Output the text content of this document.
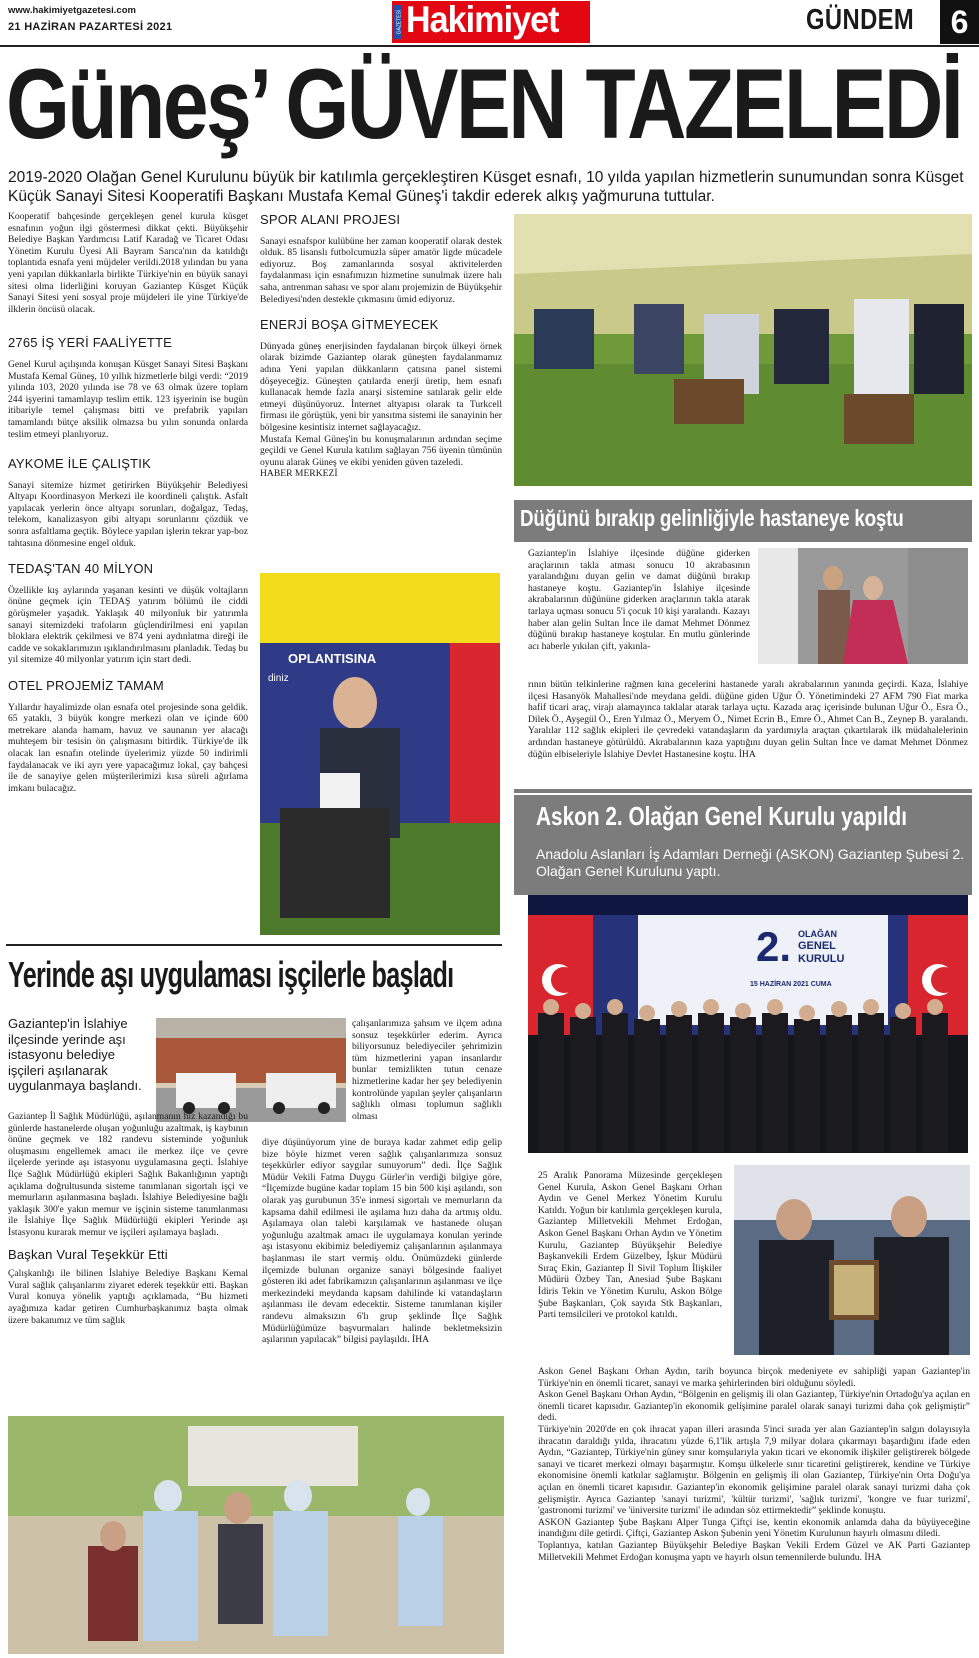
www.hakimiyetgazetesi.com
21 HAZİRAN PAZARTESİ 2021	GAZETESİ Hakimiyet	GÜNDEM	6
Güneş’ GÜVEN TAZELEDİ
2019-2020 Olağan Genel Kurulunu büyük bir katılımla gerçekleştiren Küsget esnafı, 10 yılda yapılan hizmetlerin sunumundan sonra Küsget Küçük Sanayi Sitesi Kooperatifi Başkanı Mustafa Kemal Güneş'i takdir ederek alkış yağmuruna tuttular.

Kooperatif bahçesinde gerçekleşen genel kurula küsget esnafının yoğun ilgi göstermesi dikkat çekti. Büyükşehir Belediye Başkan Yardımcısı Latif Karadağ ve Ticaret Odası Yönetim Kurulu Üyesi Ali Bayram Sarıca'nın da katıldığı toplantıda esnafa yeni müjdeler verildi.2018 yılından bu yana yeni yapılan dükkanlarla birlikte Türkiye'nin en büyük sanayi sitesi olma liderliğini koruyan Gaziantep Küsget Küçük Sanayi Sitesi yeni sosyal proje müjdeleri ile yine Türkiye'de ilklerin öncüsü olacak.

2765 İŞ YERİ FAALİYETTE

Genel Kurul açılışında konuşan Küsget Sanayi Sitesi Başkanı Mustafa Kemal Güneş, 10 yıllık hizmetlerle bilgi verdi: “2019 yılında 103, 2020 yılında ise 78 ve 63 olmak üzere toplam 244 işyerini tamamlayıp teslim ettik. 123 işyerinin ise bugün itibariyle temel çalışması bitti ve prefabrik yapıları tamamlandı bütçe aksilik olmazsa bu yılın sonunda onlarda teslim etmeyi planlıyoruz.

AYKOME İLE ÇALIŞTIK

Sanayi sitemize hizmet getirirken Büyükşehir Belediyesi Altyapı Koordinasyon Merkezi ile koordineli çalıştık. Asfalt yapılacak yerlerin önce altyapı sorunları, doğalgaz, Tedaş, telekom, kanalizasyon gibi altyapı sorunlarını çözdük ve sonra asfaltlama geçtik. Böylece yapılan işlerin tekrar yap-boz tahtasına dönmesine engel olduk.

TEDAŞ'TAN 40 MİLYON

Özellikle kış aylarında yaşanan kesinti ve düşük voltajların önüne geçmek için TEDAŞ yatırım bölümü ile ciddi görüşmeler yaşadık. Yaklaşık 40 milyonluk bir yatırımla sanayi sitemizdeki trafoların güçlendirilmesi eni yapılan bloklara elektrik çekilmesi ve 874 yeni aydınlatma direği ile cadde ve sokaklarımızın ışıklandırılmasını planladık. Tedaş bu yıl sitemize 40 milyonlar yatırım için start dedi.

OTEL PROJEMİZ TAMAM

Yıllardır hayalimizde olan esnafa otel projesinde sona geldik. 65 yataklı, 3 büyük kongre merkezi olan ve içinde 600 metrekare alanda hamam, havuz ve saunanın yer alacağı muhteşem bir tesisin ön çalışmasını bitirdik. Türkiye'de ilk olacak lan esnafın otelinde üyelerimiz yüzde 50 indirimli faydalanacak ve iki ayrı yere yapacağımız lokal, çay bahçesi ile de sanayiye gelen müşterilerimizi kısa süreli ağırlama imkanı bulacağız.

SPOR ALANI PROJESİ

Sanayi esnafspor kulübüne her zaman kooperatif olarak destek olduk. 85 lisanslı futbolcumuzla süper amatör ligde mücadele ediyoruz. Boş zamanlarında sosyal aktivitelerden faydalanması için esnafımızın hizmetine sunulmak üzere halı saha, antrenman sahası ve spor alanı projemizin de Büyükşehir Belediyesi'nden destekle çıkmasını ümid ediyoruz.

ENERJİ BOŞA GİTMEYECEK

Dünyada güneş enerjisinden faydalanan birçok ülkeyi örnek olarak bizimde Gaziantep olarak güneşten faydalanmamız adına Yeni yapılan dükkanların çatısına panel sistemi döşeyeceğiz. Güneşten çatılarda enerji üretip, hem esnafı kullanacak hemde fazla anarşi sistemine satılarak gelir elde etmeyi düşünüyoruz. İnternet altyapısı olarak ta Turkcell firması ile görüştük, yeni bir yansıtma sistemi ile sanayinin her bölgesine kesintisiz internet sağlayacağız.

Mustafa Kemal Güneş'in bu konuşmalarının ardından seçime geçildi ve Genel Kurula katılım sağlayan 756 üyenin tümünün oyunu alarak Güneş ve ekibi yeniden güven tazeledi.

HABER MERKEZİ

OPLANTISINA
diniz
Düğünü bırakıp gelinliğiyle hastaneye koştu
Gaziantep'in İslahiye ilçesinde düğüne giderken araçlarının takla atması sonucu 10 akrabasının yaralandığını duyan gelin ve damat düğünü bırakıp hastaneye koştu. Gaziantep'in İslahiye ilçesinde akrabalarının düğününe giderken araçlarının takla atarak tarlaya uçması sonucu 5'i çocuk 10 kişi yaralandı. Kazayı haber alan gelin Sultan İnce ile damat Mehmet Dönmez düğünü bırakıp hastaneye koştular. En mutlu günlerinde acı haberle yıkılan çift, yakınla-
rının bütün telkinlerine rağmen kına gecelerini hastanede yaralı akrabalarının yanında geçirdi. Kaza, İslahiye ilçesi Hasanyök Mahallesi'nde meydana geldi. düğüne giden Uğur Ö. Yönetimindeki 27 AFM 790 Fiat marka hafif ticari araç, virajı alamayınca taklalar atarak tarlaya uçtu. Kazada araç içerisinde bulunan Uğur Ö., Esra Ö., Dilek Ö., Ayşegül Ö., Eren Yılmaz Ö., Meryem Ö., Nimet Ecrin B., Emre Ö., Ahmet Can B., Zeynep B. yaralandı. Yaralılar 112 sağlık ekipleri ile çevredeki vatandaşların da yardımıyla araçtan çıkartılarak ilk müdahalelerinin ardından hastaneye götürüldü. Akrabalarının kaza yaptığını duyan gelin Sultan İnce ve damat Mehmet Dönmez düğün elbiseleriyle İslahiye Devlet Hastanesine koştu. İHA
Askon 2. Olağan Genel Kurulu yapıldı
Anadolu Aslanları İş Adamları Derneği (ASKON) Gaziantep Şubesi 2. Olağan Genel Kurulunu yaptı.
2. OLAĞAN
GENEL
KURULU
15 HAZİRAN 2021 CUMA
25 Aralık Panorama Müzesinde gerçekleşen Genel Kurula, Askon Genel Başkanı Orhan Aydın ve Genel Merkez Yönetim Kurulu Katıldı. Yoğun bir katılımla gerçekleşen kurula, Gaziantep Milletvekili Mehmet Erdoğan, Askon Genel Başkanı Orhan Aydın ve Yönetim Kurulu, Gaziantep Büyükşehir Belediye Başkanvekili Erdem Güzelbey, İşkur Müdürü Sıraç Ekin, Gaziantep İl Sivil Toplum İlişkiler Müdürü Özbey Tan, Anesiad Şube Başkanı İdiris Tekin ve Yönetim Kurulu, Askon Bölge Şube Başkanları, Çok sayıda Stk Başkanları, Parti temsilcileri ve protokol katıldı.

Askon Genel Başkanı Orhan Aydın, tarih boyunca birçok medeniyete ev sahipliği yapan Gaziantep'in Türkiye'nin en önemli ticaret, sanayi ve marka şehirlerinden biri olduğunu söyledi.

Askon Genel Başkanı Orhan Aydın, “Bölgenin en gelişmiş ili olan Gaziantep, Türkiye'nin Ortadoğu'ya açılan en önemli ticaret kapısıdır. Gaziantep'in ekonomik gelişimine paralel olarak sanayi turizmi daha çok gelişmiştir” dedi.

Türkiye'nin 2020'de en çok ihracat yapan illeri arasında 5'inci sırada yer alan Gaziantep'in salgın dolayısıyla ihracatın daraldığı yılda, ihracatını yüzde 6,1'lik artışla 7,9 milyar dolara çıkarmayı başardığını ifade eden Aydın, “Gaziantep, Türkiye'nin güney sınır komşularıyla yakın ticari ve ekonomik ilişkiler geliştirerek bölgede sanayi ve ticaret merkezi olmayı başarmıştır. Komşu ülkelerle sınır ticaretini geliştirerek, kendine ve Türkiye ekonomisine önemli katkılar sağlamıştır. Bölgenin en gelişmiş ili olan Gaziantep, Türkiye'nin Orta Doğu'ya açılan en önemli ticaret kapısıdır. Gaziantep'in ekonomik gelişimine paralel olarak sanayi turizmi daha çok gelişmiştir. Ayrıca Gaziantep 'sanayi turizmi', 'kültür turizmi', 'sağlık turizmi', 'kongre ve fuar turizmi', 'gastronomi turizmi' ve 'üniversite turizmi' ile adından söz ettirmektedir” şeklinde konuştu.

ASKON Gaziantep Şube Başkanı Alper Tunga Çiftçi ise, kentin ekonomik anlamda daha da büyüyeceğine inandığını dile getirdi. Çiftçi, Gaziantep Askon Şubenin yeni Yönetim Kurulunun hayırlı olmasını diledi.

Toplantıya, katılan Gaziantep Büyükşehir Belediye Başkan Vekili Erdem Güzel ve AK Parti Gaziantep Milletvekili Mehmet Erdoğan konuşma yaptı ve hayırlı olsun temennilerde bulundu. İHA

Yerinde aşı uygulaması işçilerle başladı
Gaziantep'in İslahiye ilçesinde yerinde aşı istasyonu belediye işçileri aşılanarak uygulanmaya başlandı.

Gaziantep İl Sağlık Müdürlüğü, aşılanmanın hız kazandığı bu günlerde hastanelerde oluşan yoğunluğu azaltmak, iş kaybının önüne geçmek ve 182 randevu sisteminde yoğunluk oluşmasını engellemek amacı ile merkez ilçe ve çevre ilçelerde yerinde aşı istasyonu uygulamasına geçti. İslahiye İlçe Sağlık Müdürlüğü ekipleri Sağlık Bakanlığının yaptığı açıklama doğrultusunda sisteme tanımlanan sigortalı işçi ve memurların aşılanmasına başladı. İslahiye Belediyesine bağlı yaklaşık 300'e yakın memur ve işçinin sisteme tanımlanması ile İslahiye İlçe Sağlık Müdürlüğü ekipleri Yerinde aşı İstasyonu kurarak memur ve işçileri aşılamaya başladı.

Başkan Vural Teşekkür Etti

Çalışkanlığı ile bilinen İslahiye Belediye Başkanı Kemal Vural sağlık çalışanlarını ziyaret ederek teşekkür etti. Başkan Vural konuya yönelik yaptığı açıklamada, “Bu hizmeti ayağımıza kadar getiren Cumhurbaşkanımız başta olmak üzere bakanımız ve tüm sağlık

çalışanlarımıza şahsım ve ilçem adına sonsuz teşekkürler ederim. Ayrıca biliyorsunuz belediyeciler şehrimizin tüm hizmetlerini yapan insanlardır bunlar temizlikten tutun cenaze hizmetlerine kadar her şey belediyenin kontrolünde yapılan şeyler çalışanların sağlıklı olması toplumun sağlıklı olması
diye düşünüyorum yine de buraya kadar zahmet edip gelip bize böyle hizmet veren sağlık çalışanlarımıza sonsuz teşekkürler ediyor saygılar sunuyorum” dedi. İlçe Sağlık Müdür Vekili Fatma Duygu Gürler'in verdiği bilgiye göre, “İlçemizde bugüne kadar toplam 15 bin 500 kişi aşılandı, son olarak yaş gurubunun 35'e inmesi sigortalı ve memurların da kapsama dahil edilmesi ile aşılama hızı daha da artmış oldu. Aşılamaya olan talebi karşılamak ve hastanede oluşan yoğunluğu azaltmak amacı ile uygulamaya konulan yerinde aşı istasyonu ekibimiz belediyemiz çalışanlarının aşılanmaya başlanması ile start vermiş oldu. Önümüzdeki günlerde ilçemizde bulunan organize sanayi bölgesinde faaliyet gösteren iki adet fabrikamızın çalışanlarının aşılanması ve ilçe merkezindeki meydanda kapsam dahilinde ki vatandaşların aşılanması ile devam edecektir. Sisteme tanımlanan kişiler randevu almaksızın 6'lı grup şeklinde İlçe Sağlık Müdürlüğümüze başvurmaları halinde bekletmeksizin aşılarının yapılacak” bilgisi paylaşıldı. İHA
